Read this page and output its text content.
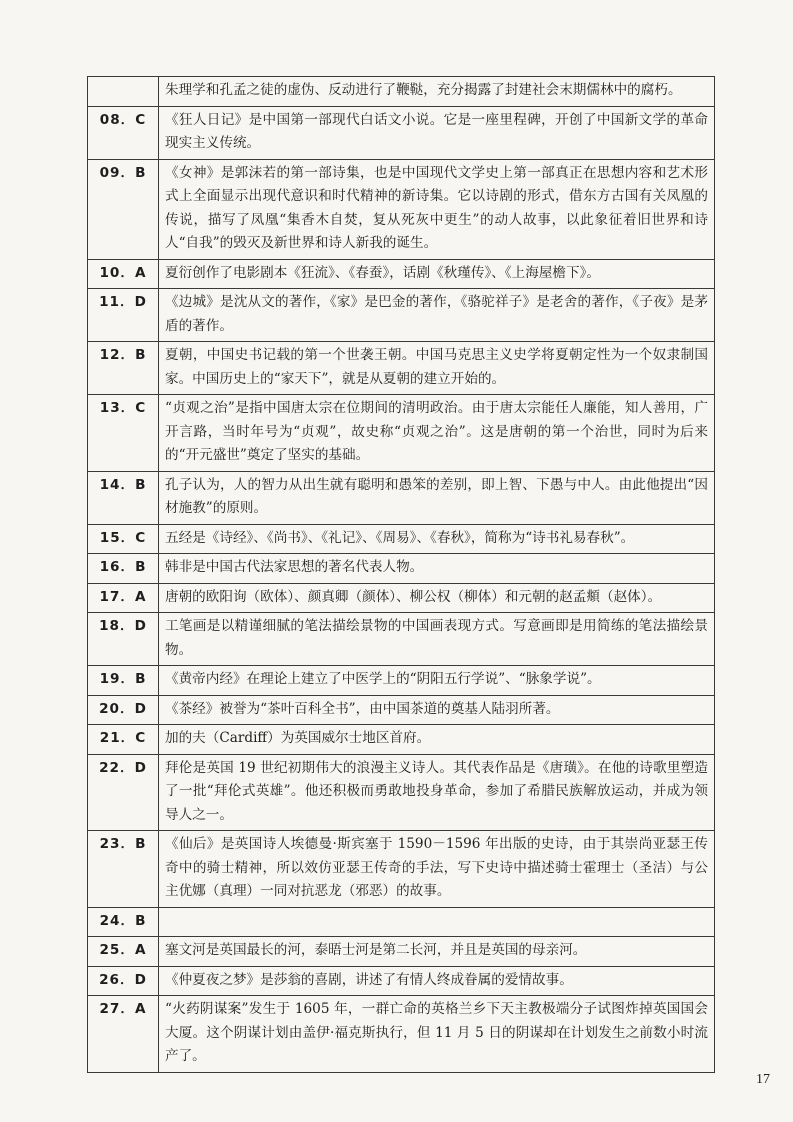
	朱理学和孔孟之徒的虚伪、反动进行了鞭鞑，充分揭露了封建社会末期儒林中的腐朽。
08．C	《狂人日记》是中国第一部现代白话文小说。它是一座里程碑，开创了中国新文学的革命现实主义传统。
09．B	《女神》是郭沫若的第一部诗集，也是中国现代文学史上第一部真正在思想内容和艺术形式上全面显示出现代意识和时代精神的新诗集。它以诗剧的形式，借东方古国有关凤凰的传说，描写了凤凰“集香木自焚，复从死灰中更生”的动人故事，以此象征着旧世界和诗人“自我”的毁灭及新世界和诗人新我的诞生。
10．A	夏衍创作了电影剧本《狂流》、《春蚕》，话剧《秋瑾传》、《上海屋檐下》。
11．D	《边城》是沈从文的著作，《家》是巴金的著作，《骆驼祥子》是老舍的著作，《子夜》是茅盾的著作。
12．B	夏朝，中国史书记载的第一个世袭王朝。中国马克思主义史学将夏朝定性为一个奴隶制国家。中国历史上的“家天下”，就是从夏朝的建立开始的。
13．C	“贞观之治”是指中国唐太宗在位期间的清明政治。由于唐太宗能任人廉能，知人善用，广开言路，当时年号为“贞观”，故史称“贞观之治”。这是唐朝的第一个治世，同时为后来的“开元盛世”奠定了坚实的基础。
14．B	孔子认为，人的智力从出生就有聪明和愚笨的差别，即上智、下愚与中人。由此他提出“因材施教”的原则。
15．C	五经是《诗经》、《尚书》、《礼记》、《周易》、《春秋》，简称为“诗书礼易春秋”。
16．B	韩非是中国古代法家思想的著名代表人物。
17．A	唐朝的欧阳询（欧体）、颜真卿（颜体）、柳公权（柳体）和元朝的赵孟頫（赵体）。
18．D	工笔画是以精谨细腻的笔法描绘景物的中国画表现方式。写意画即是用简练的笔法描绘景物。
19．B	《黄帝内经》在理论上建立了中医学上的“阴阳五行学说”、“脉象学说”。
20．D	《茶经》被誉为“茶叶百科全书”，由中国茶道的奠基人陆羽所著。
21．C	加的夫（Cardiff）为英国威尔士地区首府。
22．D	拜伦是英国 19 世纪初期伟大的浪漫主义诗人。其代表作品是《唐璜》。在他的诗歌里塑造了一批“拜伦式英雄”。他还积极而勇敢地投身革命，参加了希腊民族解放运动，并成为领导人之一。
23．B	《仙后》是英国诗人埃德曼·斯宾塞于 1590－1596 年出版的史诗，由于其崇尚亚瑟王传奇中的骑士精神，所以效仿亚瑟王传奇的手法，写下史诗中描述骑士霍理士（圣洁）与公主优娜（真理）一同对抗恶龙（邪恶）的故事。
24．B	
25．A	塞文河是英国最长的河，泰晤士河是第二长河，并且是英国的母亲河。
26．D	《仲夏夜之梦》是莎翁的喜剧，讲述了有情人终成眷属的爱情故事。
27．A	“火药阴谋案”发生于 1605 年，一群亡命的英格兰乡下天主教极端分子试图炸掉英国国会大厦。这个阴谋计划由盖伊·福克斯执行，但 11 月 5 日的阴谋却在计划发生之前数小时流产了。
17
